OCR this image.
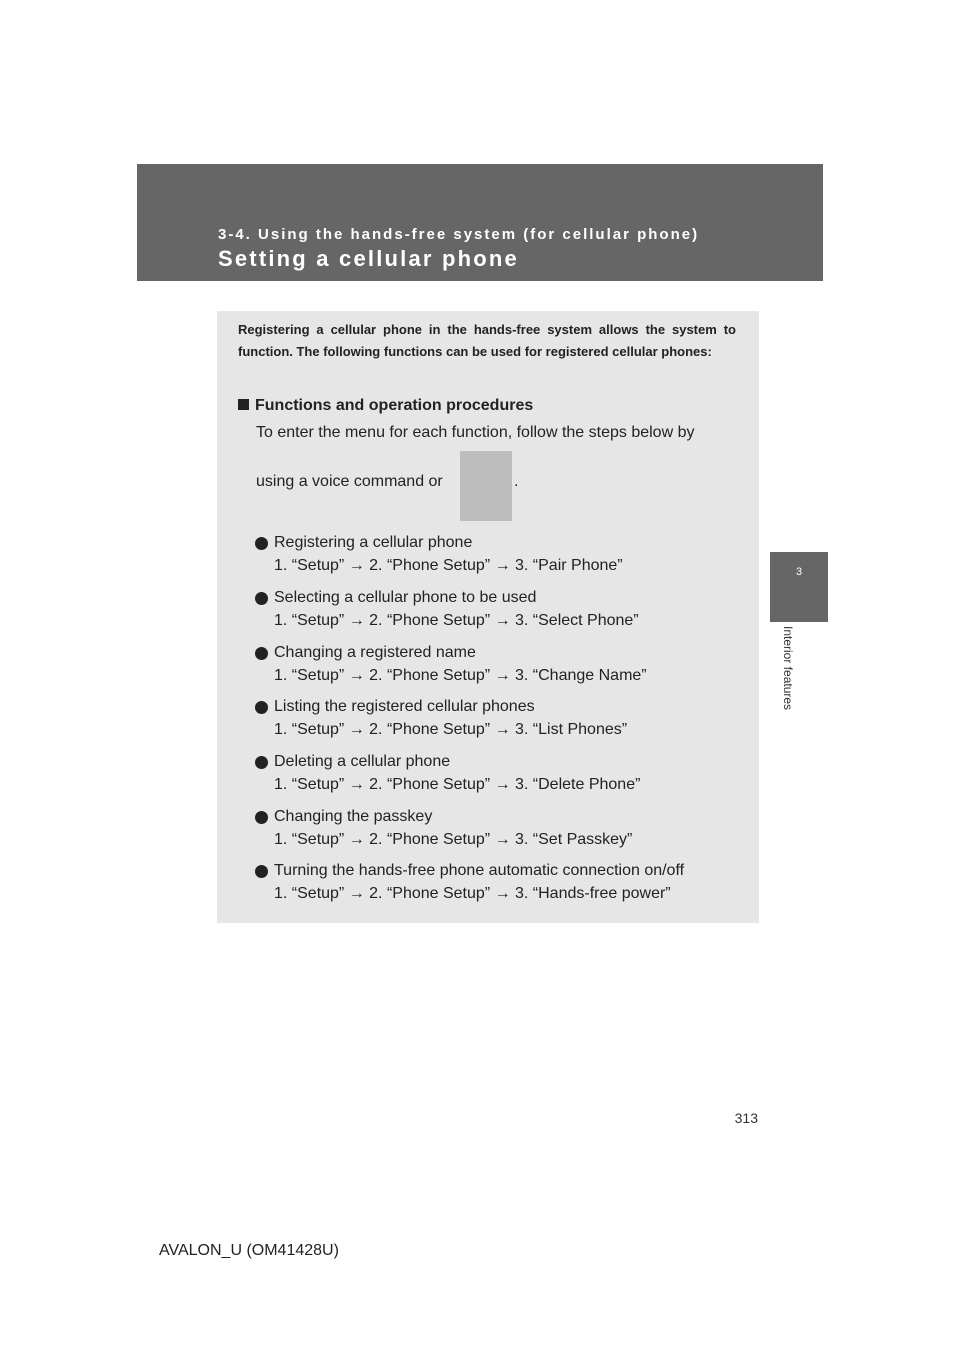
3-4. Using the hands-free system (for cellular phone)
Setting a cellular phone
3
Interior features
Registering a cellular phone in the hands-free system allows the system to function. The following functions can be used for registered cellular phones:
Functions and operation procedures
To enter the menu for each function, follow the steps below by
using a voice command or	.
Registering a cellular phone
1. “Setup” → 2. “Phone Setup” → 3. “Pair Phone”
Selecting a cellular phone to be used
1. “Setup” → 2. “Phone Setup” → 3. “Select Phone”
Changing a registered name
1. “Setup” → 2. “Phone Setup” → 3. “Change Name”
Listing the registered cellular phones
1. “Setup” → 2. “Phone Setup” → 3. “List Phones”
Deleting a cellular phone
1. “Setup” → 2. “Phone Setup” → 3. “Delete Phone”
Changing the passkey
1. “Setup” → 2. “Phone Setup” → 3. “Set Passkey”
Turning the hands-free phone automatic connection on/off
1. “Setup” → 2. “Phone Setup” → 3. “Hands-free power”
313
AVALON_U (OM41428U)
